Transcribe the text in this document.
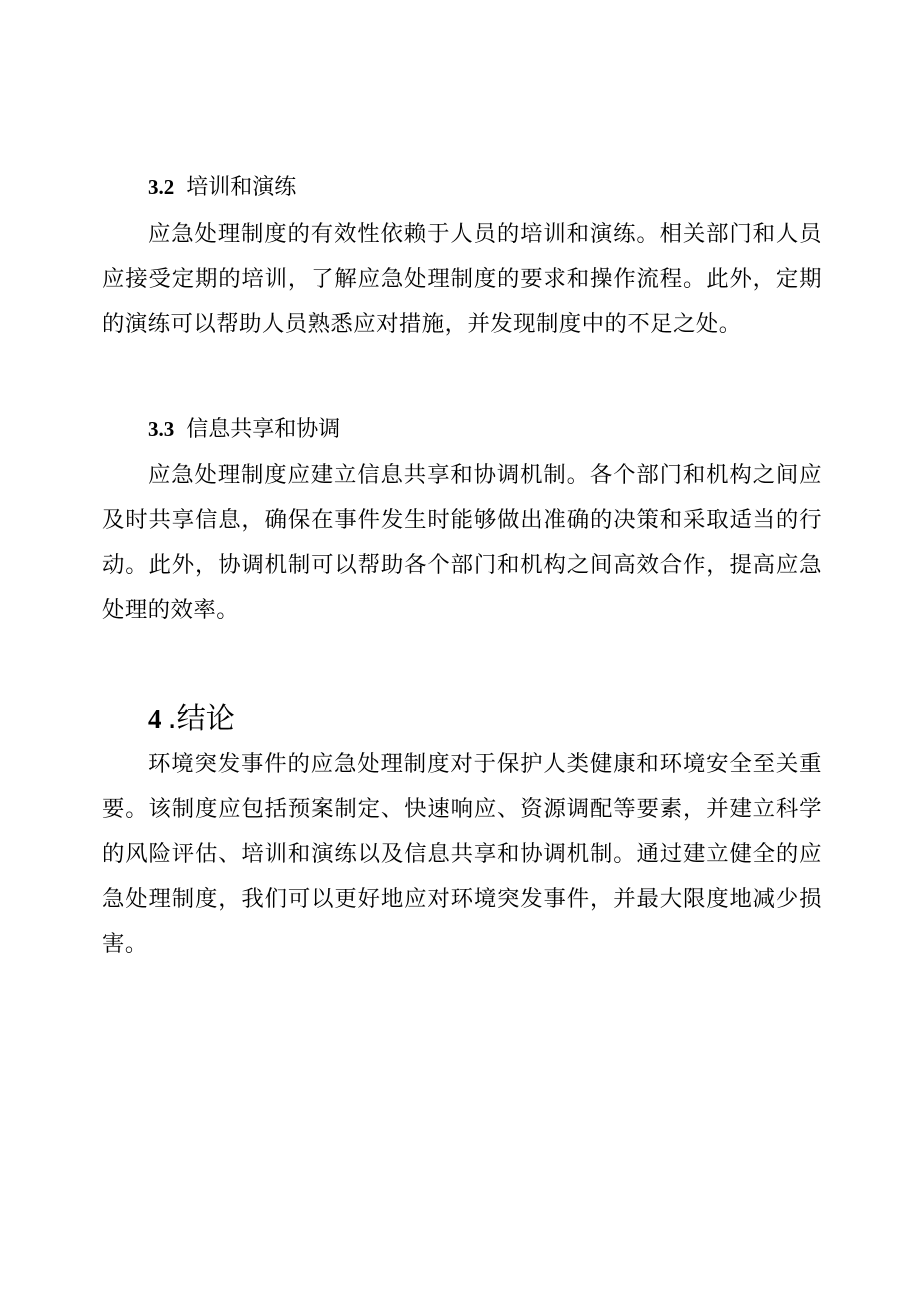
3.2 培训和演练

应急处理制度的有效性依赖于人员的培训和演练。相关部门和人员应接受定期的培训，了解应急处理制度的要求和操作流程。此外，定期的演练可以帮助人员熟悉应对措施，并发现制度中的不足之处。

3.3 信息共享和协调

应急处理制度应建立信息共享和协调机制。各个部门和机构之间应及时共享信息，确保在事件发生时能够做出准确的决策和采取适当的行动。此外，协调机制可以帮助各个部门和机构之间高效合作，提高应急处理的效率。

4 .结论

环境突发事件的应急处理制度对于保护人类健康和环境安全至关重要。该制度应包括预案制定、快速响应、资源调配等要素，并建立科学的风险评估、培训和演练以及信息共享和协调机制。通过建立健全的应急处理制度，我们可以更好地应对环境突发事件，并最大限度地减少损害。
